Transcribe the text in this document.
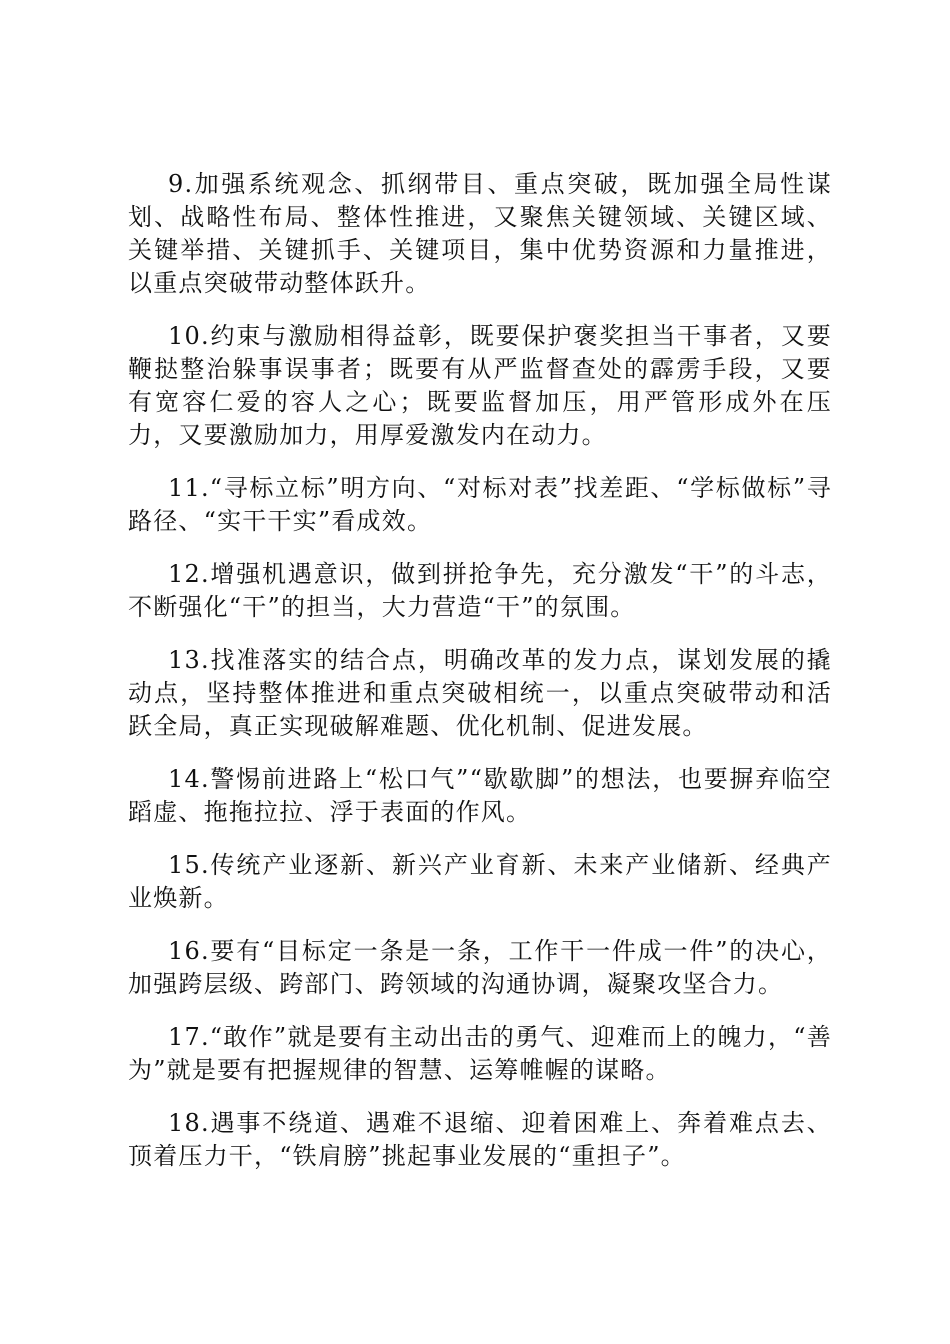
9.加强系统观念、抓纲带目、重点突破，既加强全局性谋划、战略性布局、整体性推进，又聚焦关键领域、关键区域、关键举措、关键抓手、关键项目，集中优势资源和力量推进，以重点突破带动整体跃升。

10.约束与激励相得益彰，既要保护褒奖担当干事者，又要鞭挞整治躲事误事者；既要有从严监督查处的霹雳手段，又要有宽容仁爱的容人之心；既要监督加压，用严管形成外在压力，又要激励加力，用厚爱激发内在动力。

11.“寻标立标”明方向、“对标对表”找差距、“学标做标”寻路径、“实干干实”看成效。

12.增强机遇意识，做到拼抢争先，充分激发“干”的斗志，不断强化“干”的担当，大力营造“干”的氛围。

13.找准落实的结合点，明确改革的发力点，谋划发展的撬动点，坚持整体推进和重点突破相统一，以重点突破带动和活跃全局，真正实现破解难题、优化机制、促进发展。

14.警惕前进路上“松口气”“歇歇脚”的想法，也要摒弃临空蹈虚、拖拖拉拉、浮于表面的作风。

15.传统产业逐新、新兴产业育新、未来产业储新、经典产业焕新。

16.要有“目标定一条是一条，工作干一件成一件”的决心，加强跨层级、跨部门、跨领域的沟通协调，凝聚攻坚合力。

17.“敢作”就是要有主动出击的勇气、迎难而上的魄力，“善为”就是要有把握规律的智慧、运筹帷幄的谋略。

18.遇事不绕道、遇难不退缩、迎着困难上、奔着难点去、顶着压力干，“铁肩膀”挑起事业发展的“重担子”。
